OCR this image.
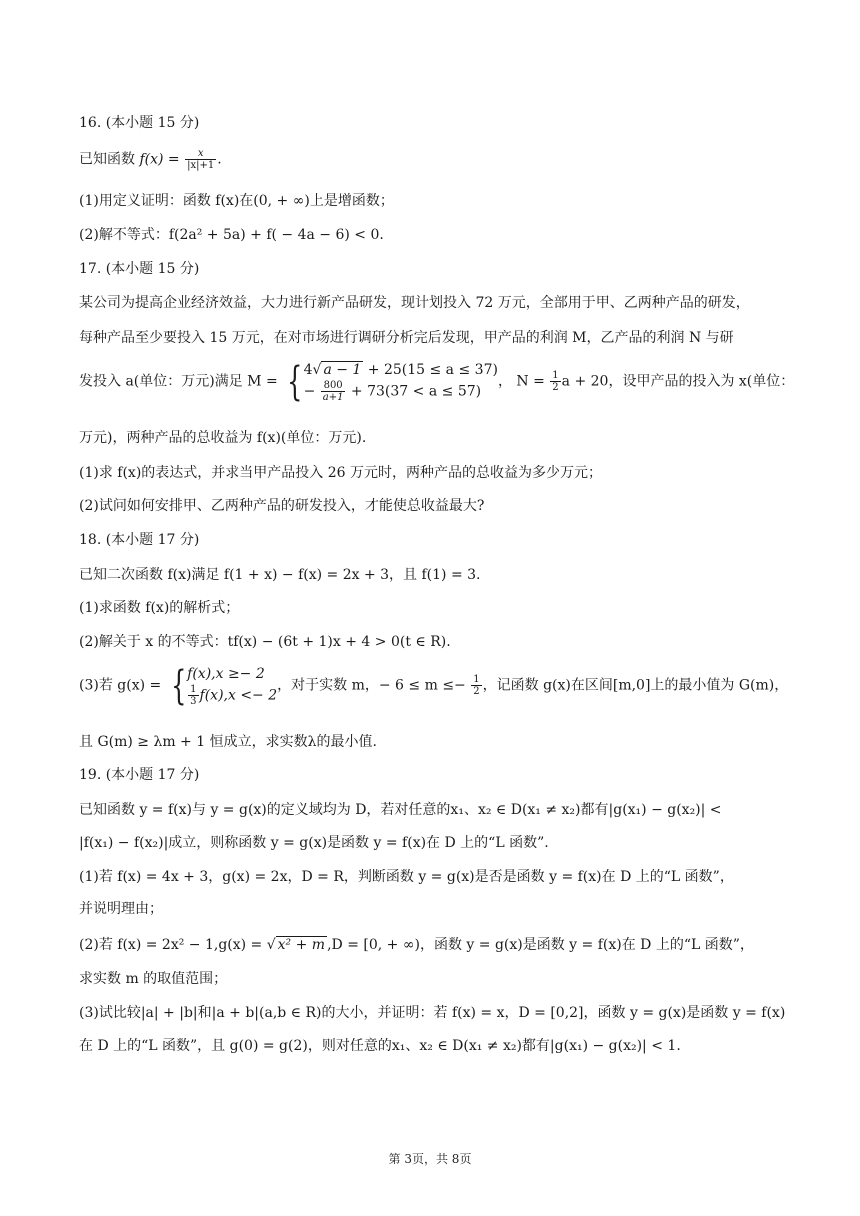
16. (本小题 15 分)
已知函数 $f(x) = \frac{x}{|x|+1}$ .
(1)用定义证明：函数 f(x)在(0, + ∞)上是增函数；
(2)解不等式：f(2a² + 5a) + f( − 4a − 6) < 0.
17. (本小题 15 分)
某公司为提高企业经济效益，大力进行新产品研发，现计划投入 72 万元，全部用于甲、乙两种产品的研发，
每种产品至少要投入 15 万元，在对市场进行调研分析完后发现，甲产品的利润 M，乙产品的利润 N 与研
发投入 a(单位：万元)满足 M = { 4√ a − 1 + 25(15 ≤ a ≤ 37)
− $\frac{800}{a+1} + 73(37 < a \le 57)$
， $N = \frac{1}{2}$ a + 20，设甲产品的投入为 x(单位：
万元)，两种产品的总收益为 f(x)(单位：万元).
(1)求 f(x)的表达式，并求当甲产品投入 26 万元时，两种产品的总收益为多少万元；
(2)试问如何安排甲、乙两种产品的研发投入，才能使总收益最大?
18. (本小题 17 分)
已知二次函数 f(x)满足 f(1 + x) − f(x) = 2x + 3，且 f(1) = 3.
(1)求函数 f(x)的解析式；
(2)解关于 x 的不等式：tf(x) − (6t + 1)x + 4 > 0(t ∈ R).
(3)若 g(x) = { f(x),x ≥− 2
$\frac{1}{3} f(x),x <- 2$
，对于实数 m，− $6 \le m \le- \frac{1}{2}$ ，记函数 g(x)在区间[m,0]上的最小值为 G(m)，
且 G(m) ≥ λm + 1 恒成立，求实数λ的最小值.
19. (本小题 17 分)
已知函数 y = f(x)与 y = g(x)的定义域均为 D，若对任意的x₁、x₂ ∈ D(x₁ ≠ x₂)都有|g(x₁) − g(x₂)| <
|f(x₁) − f(x₂)|成立，则称函数 y = g(x)是函数 y = f(x)在 D 上的“L 函数”.
(1)若 f(x) = 4x + 3，g(x) = 2x，D = R，判断函数 y = g(x)是否是函数 y = f(x)在 D 上的“L 函数”，
并说明理由；
(2)若 f(x) = 2x² − 1,g(x) = √ x² + m ,D = [0, + ∞)，函数 y = g(x)是函数 y = f(x)在 D 上的“L 函数”，
求实数 m 的取值范围；
(3)试比较|a| + |b|和|a + b|(a,b ∈ R)的大小，并证明：若 f(x) = x，D = [0,2]，函数 y = g(x)是函数 y = f(x)
在 D 上的“L 函数”，且 g(0) = g(2)，则对任意的x₁、x₂ ∈ D(x₁ ≠ x₂)都有|g(x₁) − g(x₂)| < 1.
第 3页，共 8页
